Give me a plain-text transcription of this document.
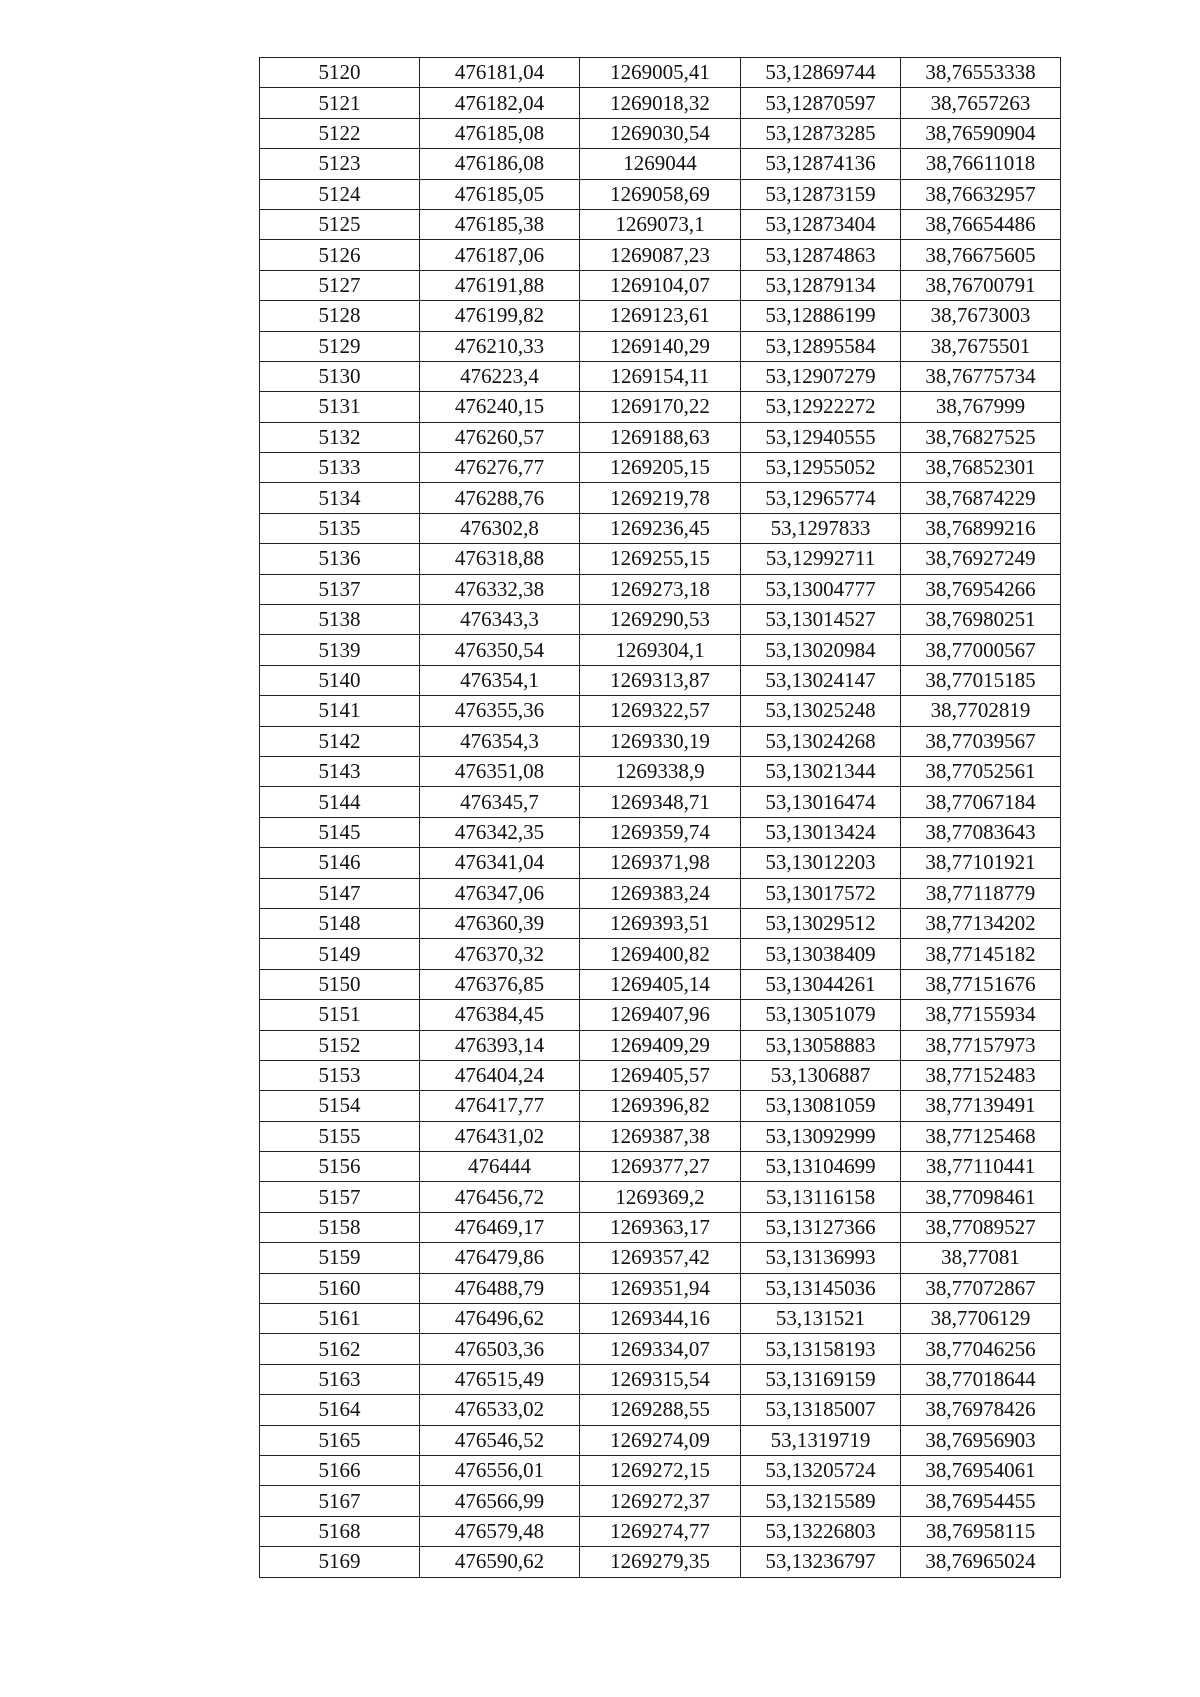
5120	476181,04	1269005,41	53,12869744	38,76553338
5121	476182,04	1269018,32	53,12870597	38,7657263
5122	476185,08	1269030,54	53,12873285	38,76590904
5123	476186,08	1269044	53,12874136	38,76611018
5124	476185,05	1269058,69	53,12873159	38,76632957
5125	476185,38	1269073,1	53,12873404	38,76654486
5126	476187,06	1269087,23	53,12874863	38,76675605
5127	476191,88	1269104,07	53,12879134	38,76700791
5128	476199,82	1269123,61	53,12886199	38,7673003
5129	476210,33	1269140,29	53,12895584	38,7675501
5130	476223,4	1269154,11	53,12907279	38,76775734
5131	476240,15	1269170,22	53,12922272	38,767999
5132	476260,57	1269188,63	53,12940555	38,76827525
5133	476276,77	1269205,15	53,12955052	38,76852301
5134	476288,76	1269219,78	53,12965774	38,76874229
5135	476302,8	1269236,45	53,1297833	38,76899216
5136	476318,88	1269255,15	53,12992711	38,76927249
5137	476332,38	1269273,18	53,13004777	38,76954266
5138	476343,3	1269290,53	53,13014527	38,76980251
5139	476350,54	1269304,1	53,13020984	38,77000567
5140	476354,1	1269313,87	53,13024147	38,77015185
5141	476355,36	1269322,57	53,13025248	38,7702819
5142	476354,3	1269330,19	53,13024268	38,77039567
5143	476351,08	1269338,9	53,13021344	38,77052561
5144	476345,7	1269348,71	53,13016474	38,77067184
5145	476342,35	1269359,74	53,13013424	38,77083643
5146	476341,04	1269371,98	53,13012203	38,77101921
5147	476347,06	1269383,24	53,13017572	38,77118779
5148	476360,39	1269393,51	53,13029512	38,77134202
5149	476370,32	1269400,82	53,13038409	38,77145182
5150	476376,85	1269405,14	53,13044261	38,77151676
5151	476384,45	1269407,96	53,13051079	38,77155934
5152	476393,14	1269409,29	53,13058883	38,77157973
5153	476404,24	1269405,57	53,1306887	38,77152483
5154	476417,77	1269396,82	53,13081059	38,77139491
5155	476431,02	1269387,38	53,13092999	38,77125468
5156	476444	1269377,27	53,13104699	38,77110441
5157	476456,72	1269369,2	53,13116158	38,77098461
5158	476469,17	1269363,17	53,13127366	38,77089527
5159	476479,86	1269357,42	53,13136993	38,77081
5160	476488,79	1269351,94	53,13145036	38,77072867
5161	476496,62	1269344,16	53,131521	38,7706129
5162	476503,36	1269334,07	53,13158193	38,77046256
5163	476515,49	1269315,54	53,13169159	38,77018644
5164	476533,02	1269288,55	53,13185007	38,76978426
5165	476546,52	1269274,09	53,1319719	38,76956903
5166	476556,01	1269272,15	53,13205724	38,76954061
5167	476566,99	1269272,37	53,13215589	38,76954455
5168	476579,48	1269274,77	53,13226803	38,76958115
5169	476590,62	1269279,35	53,13236797	38,76965024
